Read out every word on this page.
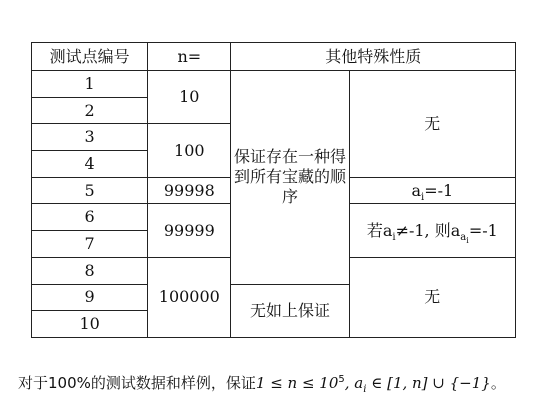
测试点编号	n=	其他特殊性质	
1	10	保证存在一种得到所有宝藏的顺序	无
2			
3	100		
4			
5	99998		$a_i=-1$
6	99999		若$a_i\ne-1$, 则$a_{a_i}=-1$
7			
8	100000		无
9		无如上保证	
10			
对于100%的测试数据和样例，保证$1 \le n \le 10^5$, $a_i$ ∈ [1, n] ∪ {−1}。
